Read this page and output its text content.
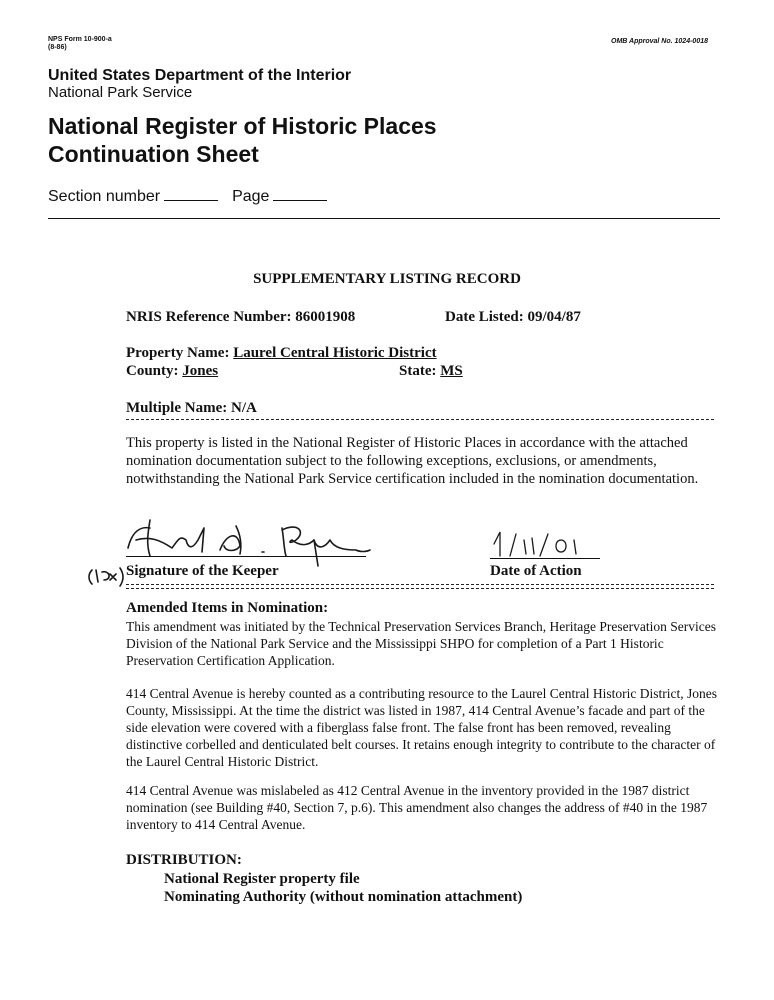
NPS Form 10-900-a
(8-86)
OMB Approval No. 1024-0018
United States Department of the Interior
National Park Service
National Register of Historic Places
Continuation Sheet
Section number	Page
SUPPLEMENTARY LISTING RECORD
NRIS Reference Number: 86001908	Date Listed: 09/04/87
Property Name: Laurel Central Historic District
County: Jones	State: MS
Multiple Name: N/A
This property is listed in the National Register of Historic Places in accordance with the attached nomination documentation subject to the following exceptions, exclusions, or amendments, notwithstanding the National Park Service certification included in the nomination documentation.
Signature of the Keeper	Date of Action
Amended Items in Nomination:
This amendment was initiated by the Technical Preservation Services Branch, Heritage Preservation Services Division of the National Park Service and the Mississippi SHPO for completion of a Part 1 Historic Preservation Certification Application.
414 Central Avenue is hereby counted as a contributing resource to the Laurel Central Historic District, Jones County, Mississippi. At the time the district was listed in 1987, 414 Central Avenue’s facade and part of the side elevation were covered with a fiberglass false front. The false front has been removed, revealing distinctive corbelled and denticulated belt courses. It retains enough integrity to contribute to the character of the Laurel Central Historic District.
414 Central Avenue was mislabeled as 412 Central Avenue in the inventory provided in the 1987 district nomination (see Building #40, Section 7, p.6). This amendment also changes the address of #40 in the 1987 inventory to 414 Central Avenue.
DISTRIBUTION:
National Register property file
Nominating Authority (without nomination attachment)
